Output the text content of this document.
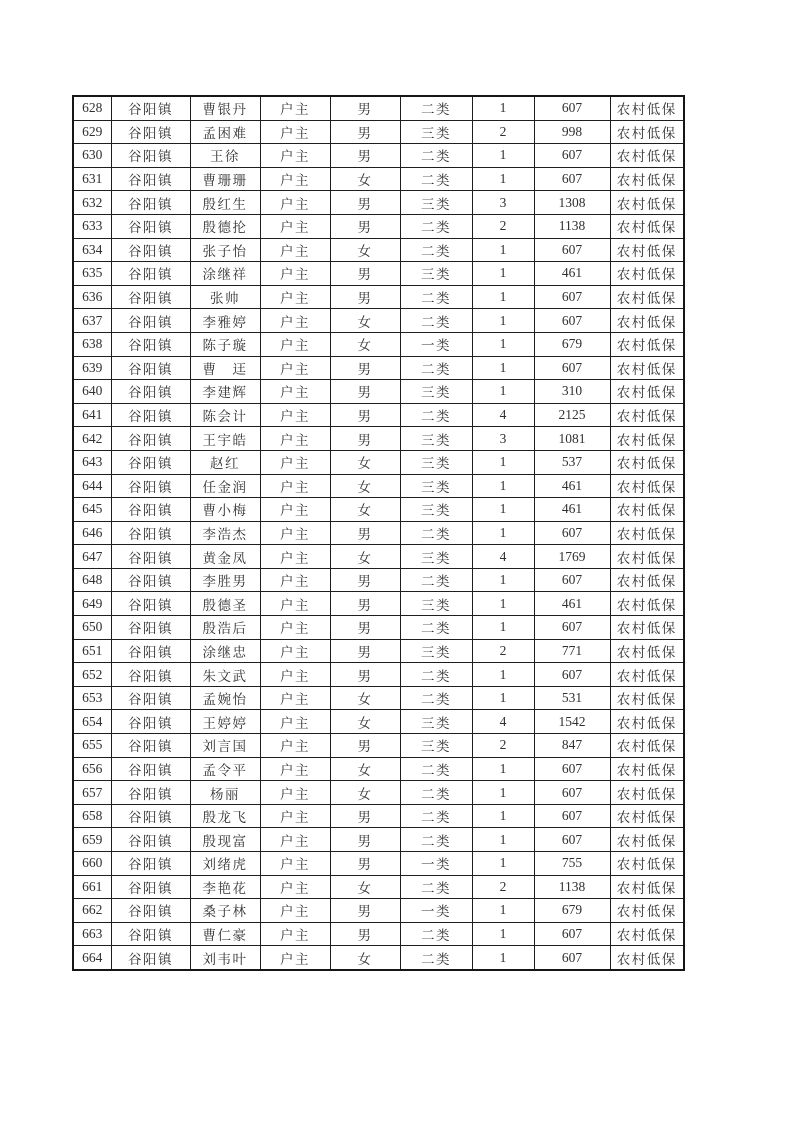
628	谷阳镇	曹银丹	户主	男	二类	1	607	农村低保
629	谷阳镇	孟困难	户主	男	三类	2	998	农村低保
630	谷阳镇	王徐	户主	男	二类	1	607	农村低保
631	谷阳镇	曹珊珊	户主	女	二类	1	607	农村低保
632	谷阳镇	殷红生	户主	男	三类	3	1308	农村低保
633	谷阳镇	殷德抡	户主	男	二类	2	1138	农村低保
634	谷阳镇	张子怡	户主	女	二类	1	607	农村低保
635	谷阳镇	涂继祥	户主	男	三类	1	461	农村低保
636	谷阳镇	张帅	户主	男	二类	1	607	农村低保
637	谷阳镇	李雅婷	户主	女	二类	1	607	农村低保
638	谷阳镇	陈子璇	户主	女	一类	1	679	农村低保
639	谷阳镇	曹　迋	户主	男	二类	1	607	农村低保
640	谷阳镇	李建辉	户主	男	三类	1	310	农村低保
641	谷阳镇	陈会计	户主	男	二类	4	2125	农村低保
642	谷阳镇	王宇皓	户主	男	三类	3	1081	农村低保
643	谷阳镇	赵红	户主	女	三类	1	537	农村低保
644	谷阳镇	任金润	户主	女	三类	1	461	农村低保
645	谷阳镇	曹小梅	户主	女	三类	1	461	农村低保
646	谷阳镇	李浩杰	户主	男	二类	1	607	农村低保
647	谷阳镇	黄金凤	户主	女	三类	4	1769	农村低保
648	谷阳镇	李胜男	户主	男	二类	1	607	农村低保
649	谷阳镇	殷德圣	户主	男	三类	1	461	农村低保
650	谷阳镇	殷浩后	户主	男	二类	1	607	农村低保
651	谷阳镇	涂继忠	户主	男	三类	2	771	农村低保
652	谷阳镇	朱文武	户主	男	二类	1	607	农村低保
653	谷阳镇	孟婉怡	户主	女	二类	1	531	农村低保
654	谷阳镇	王婷婷	户主	女	三类	4	1542	农村低保
655	谷阳镇	刘言国	户主	男	三类	2	847	农村低保
656	谷阳镇	孟令平	户主	女	二类	1	607	农村低保
657	谷阳镇	杨丽	户主	女	二类	1	607	农村低保
658	谷阳镇	殷龙飞	户主	男	二类	1	607	农村低保
659	谷阳镇	殷现富	户主	男	二类	1	607	农村低保
660	谷阳镇	刘绪虎	户主	男	一类	1	755	农村低保
661	谷阳镇	李艳花	户主	女	二类	2	1138	农村低保
662	谷阳镇	桑子林	户主	男	一类	1	679	农村低保
663	谷阳镇	曹仁豪	户主	男	二类	1	607	农村低保
664	谷阳镇	刘韦叶	户主	女	二类	1	607	农村低保
